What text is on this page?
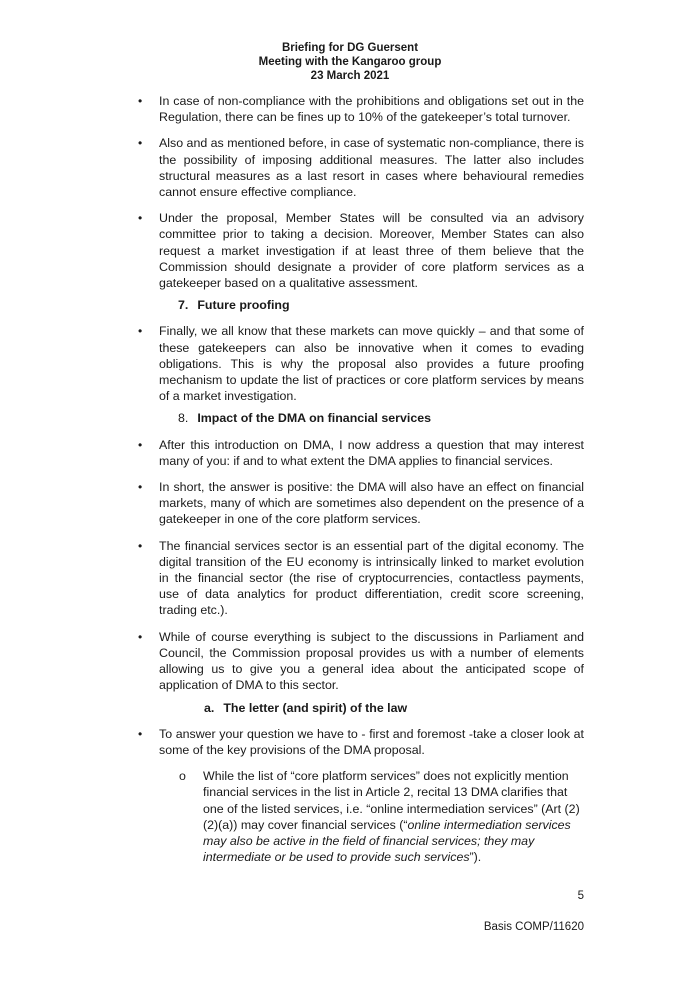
Briefing for DG Guersent
Meeting with the Kangaroo group
23 March 2021
• In case of non-compliance with the prohibitions and obligations set out in the Regulation, there can be fines up to 10% of the gatekeeper’s total turnover.
• Also and as mentioned before, in case of systematic non-compliance, there is the possibility of imposing additional measures. The latter also includes structural measures as a last resort in cases where behavioural remedies cannot ensure effective compliance.
• Under the proposal, Member States will be consulted via an advisory committee prior to taking a decision. Moreover, Member States can also request a market investigation if at least three of them believe that the Commission should designate a provider of core platform services as a gatekeeper based on a qualitative assessment.
7. Future proofing
• Finally, we all know that these markets can move quickly – and that some of these gatekeepers can also be innovative when it comes to evading obligations. This is why the proposal also provides a future proofing mechanism to update the list of practices or core platform services by means of a market investigation.
8. Impact of the DMA on financial services
• After this introduction on DMA, I now address a question that may interest many of you: if and to what extent the DMA applies to financial services.
• In short, the answer is positive: the DMA will also have an effect on financial markets, many of which are sometimes also dependent on the presence of a gatekeeper in one of the core platform services.
• The financial services sector is an essential part of the digital economy. The digital transition of the EU economy is intrinsically linked to market evolution in the financial sector (the rise of cryptocurrencies, contactless payments, use of data analytics for product differentiation, credit score screening, trading etc.).
• While of course everything is subject to the discussions in Parliament and Council, the Commission proposal provides us with a number of elements allowing us to give you a general idea about the anticipated scope of application of DMA to this sector.
a. The letter (and spirit) of the law
• To answer your question we have to - first and foremost -take a closer look at some of the key provisions of the DMA proposal.
o While the list of “core platform services” does not explicitly mention financial services in the list in Article 2, recital 13 DMA clarifies that one of the listed services, i.e. “online intermediation services” (Art (2)(2)(a)) may cover financial services (“online intermediation services may also be active in the field of financial services; they may intermediate or be used to provide such services”).
5
Basis COMP/11620
